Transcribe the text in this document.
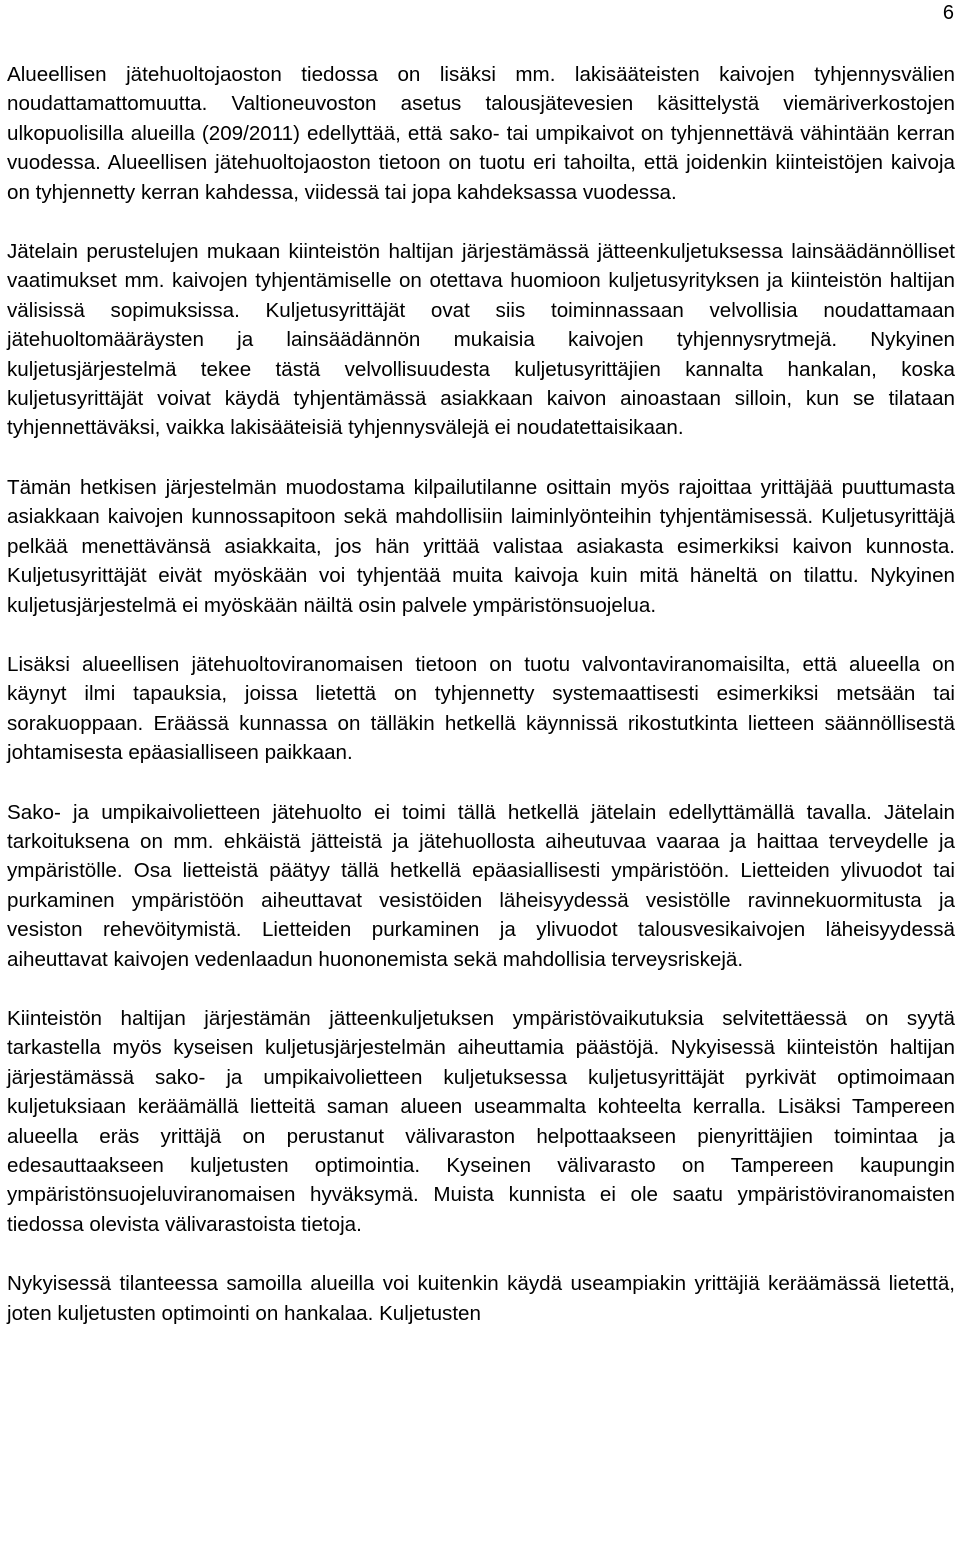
6

Alueellisen jätehuoltojaoston tiedossa on lisäksi mm. lakisääteisten kaivojen tyhjennysvälien noudattamattomuutta. Valtioneuvoston asetus talousjätevesien käsittelystä viemäriverkostojen ulkopuolisilla alueilla (209/2011) edellyttää, että sako- tai umpikaivot on tyhjennettävä vähintään kerran vuodessa. Alueellisen jätehuoltojaoston tietoon on tuotu eri tahoilta, että joidenkin kiinteistöjen kaivoja on tyhjennetty kerran kahdessa, viidessä tai jopa kahdeksassa vuodessa.

Jätelain perustelujen mukaan kiinteistön haltijan järjestämässä jätteenkuljetuksessa lainsäädännölliset vaatimukset mm. kaivojen tyhjentämiselle on otettava huomioon kuljetusyrityksen ja kiinteistön haltijan välisissä sopimuksissa. Kuljetusyrittäjät ovat siis toiminnassaan velvollisia noudattamaan jätehuoltomääräysten ja lainsäädännön mukaisia kaivojen tyhjennysrytmejä. Nykyinen kuljetusjärjestelmä tekee tästä velvollisuudesta kuljetusyrittäjien kannalta hankalan, koska kuljetusyrittäjät voivat käydä tyhjentämässä asiakkaan kaivon ainoastaan silloin, kun se tilataan tyhjennettäväksi, vaikka lakisääteisiä tyhjennysvälejä ei noudatettaisikaan.

Tämän hetkisen järjestelmän muodostama kilpailutilanne osittain myös rajoittaa yrittäjää puuttumasta asiakkaan kaivojen kunnossapitoon sekä mahdollisiin laiminlyönteihin tyhjentämisessä. Kuljetusyrittäjä pelkää menettävänsä asiakkaita, jos hän yrittää valistaa asiakasta esimerkiksi kaivon kunnosta. Kuljetusyrittäjät eivät myöskään voi tyhjentää muita kaivoja kuin mitä häneltä on tilattu. Nykyinen kuljetusjärjestelmä ei myöskään näiltä osin palvele ympäristönsuojelua.

Lisäksi alueellisen jätehuoltoviranomaisen tietoon on tuotu valvontaviranomaisilta, että alueella on käynyt ilmi tapauksia, joissa lietettä on tyhjennetty systemaattisesti esimerkiksi metsään tai sorakuoppaan. Eräässä kunnassa on tälläkin hetkellä käynnissä rikostutkinta lietteen säännöllisestä johtamisesta epäasialliseen paikkaan.

Sako- ja umpikaivolietteen jätehuolto ei toimi tällä hetkellä jätelain edellyttämällä tavalla. Jätelain tarkoituksena on mm. ehkäistä jätteistä ja jätehuollosta aiheutuvaa vaaraa ja haittaa terveydelle ja ympäristölle. Osa lietteistä päätyy tällä hetkellä epäasiallisesti ympäristöön. Lietteiden ylivuodot tai purkaminen ympäristöön aiheuttavat vesistöiden läheisyydessä vesistölle ravinnekuormitusta ja vesiston rehevöitymistä. Lietteiden purkaminen ja ylivuodot talousvesikaivojen läheisyydessä aiheuttavat kaivojen vedenlaadun huononemista sekä mahdollisia terveysriskejä.

Kiinteistön haltijan järjestämän jätteenkuljetuksen ympäristövaikutuksia selvitettäessä on syytä tarkastella myös kyseisen kuljetusjärjestelmän aiheuttamia päästöjä. Nykyisessä kiinteistön haltijan järjestämässä sako- ja umpikaivolietteen kuljetuksessa kuljetusyrittäjät pyrkivät optimoimaan kuljetuksiaan keräämällä lietteitä saman alueen useammalta kohteelta kerralla. Lisäksi Tampereen alueella eräs yrittäjä on perustanut välivaraston helpottaakseen pienyrittäjien toimintaa ja edesauttaakseen kuljetusten optimointia. Kyseinen välivarasto on Tampereen kaupungin ympäristönsuojeluviranomaisen hyväksymä. Muista kunnista ei ole saatu ympäristöviranomaisten tiedossa olevista välivarastoista tietoja.

Nykyisessä tilanteessa samoilla alueilla voi kuitenkin käydä useampiakin yrittäjiä keräämässä lietettä, joten kuljetusten optimointi on hankalaa. Kuljetusten
